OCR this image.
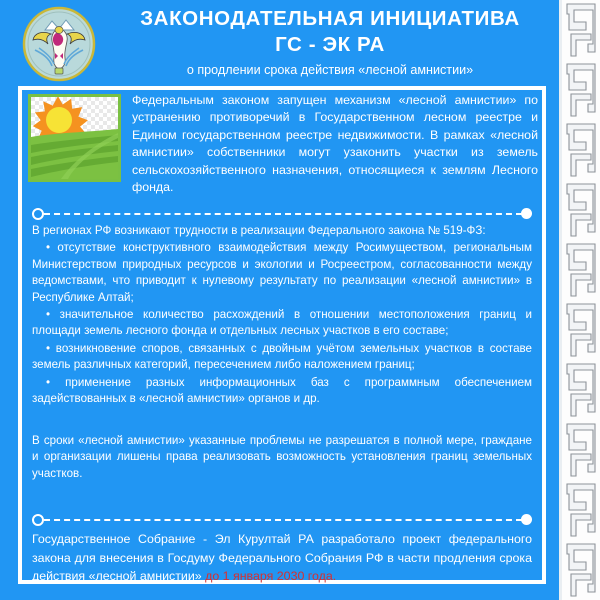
ЗАКОНОДАТЕЛЬНАЯ ИНИЦИАТИВА
ГС - ЭК РА
о продлении срока действия «лесной амнистии»
Федеральным законом запущен механизм «лесной амнистии» по устранению противоречий в Государственном лесном реестре и Едином государственном реестре недвижимости. В рамках «лесной амнистии» собственники могут узаконить участки из земель сельскохозяйственного назначения, относящиеся к землям Лесного фонда.
В регионах РФ возникают трудности в реализации Федерального закона № 519-ФЗ:
• отсутствие конструктивного взаимодействия между Росимуществом, региональным Министерством природных ресурсов и экологии и Росреестром, согласованности между ведомствами, что приводит к нулевому результату по реализации «лесной амнистии» в Республике Алтай;
• значительное количество расхождений в отношении местоположения границ и площади земель лесного фонда и отдельных лесных участков в его составе;
• возникновение споров, связанных с двойным учётом земельных участков в составе земель различных категорий, пересечением либо наложением границ;
• применение разных информационных баз с программным обеспечением задействованных в «лесной амнистии» органов и др.
В сроки «лесной амнистии» указанные проблемы не разрешатся в полной мере, граждане и организации лишены права реализовать возможность установления границ земельных участков.
Государственное Собрание - Эл Курултай РА разработало проект федерального закона для внесения в Госдуму Федерального Собрания РФ в части продления срока действия «лесной амнистии» до 1 января 2030 года.
